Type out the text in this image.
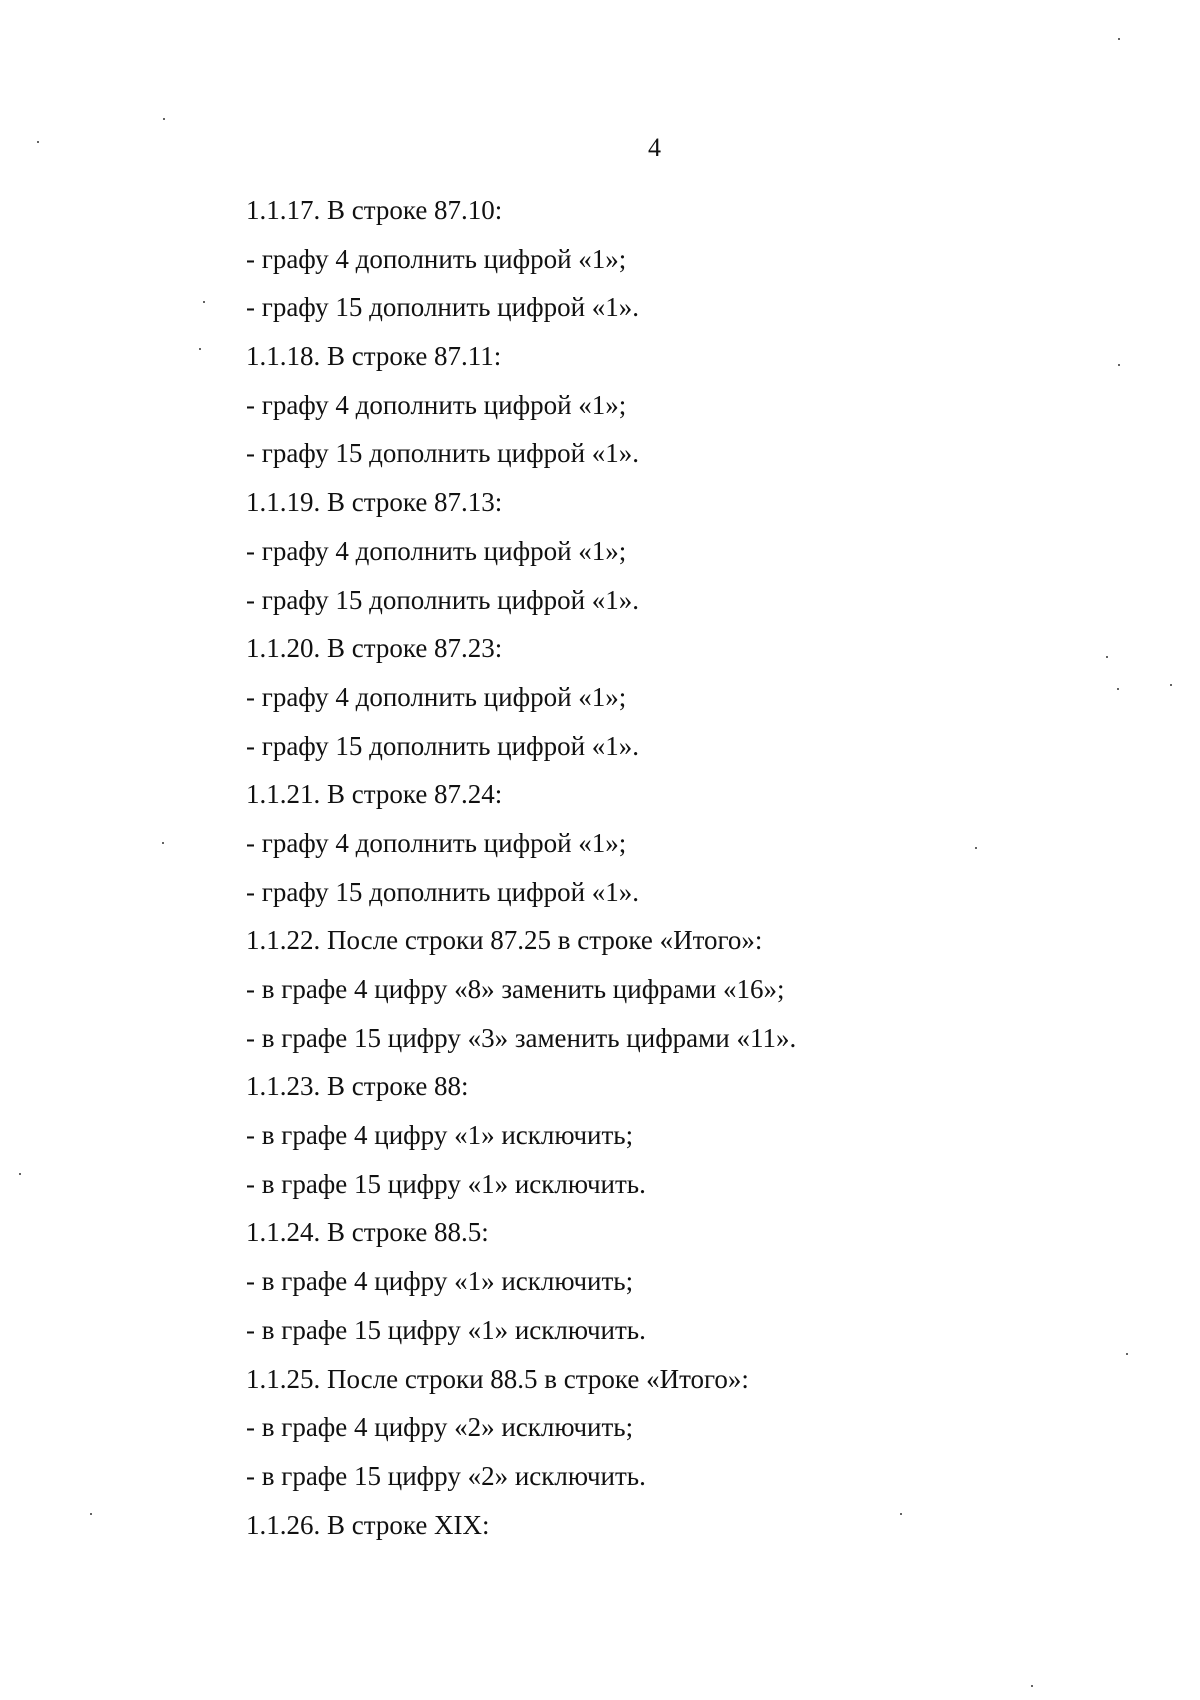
4
1.1.17. В строке 87.10:
- графу 4 дополнить цифрой «1»;
- графу 15 дополнить цифрой «1».
1.1.18. В строке 87.11:
- графу 4 дополнить цифрой «1»;
- графу 15 дополнить цифрой «1».
1.1.19. В строке 87.13:
- графу 4 дополнить цифрой «1»;
- графу 15 дополнить цифрой «1».
1.1.20. В строке 87.23:
- графу 4 дополнить цифрой «1»;
- графу 15 дополнить цифрой «1».
1.1.21. В строке 87.24:
- графу 4 дополнить цифрой «1»;
- графу 15 дополнить цифрой «1».
1.1.22. После строки 87.25 в строке «Итого»:
- в графе 4 цифру «8» заменить цифрами «16»;
- в графе 15 цифру «3» заменить цифрами «11».
1.1.23. В строке 88:
- в графе 4 цифру «1» исключить;
- в графе 15 цифру «1» исключить.
1.1.24. В строке 88.5:
- в графе 4 цифру «1» исключить;
- в графе 15 цифру «1» исключить.
1.1.25. После строки 88.5 в строке «Итого»:
- в графе 4 цифру «2» исключить;
- в графе 15 цифру «2» исключить.
1.1.26. В строке XIX:
